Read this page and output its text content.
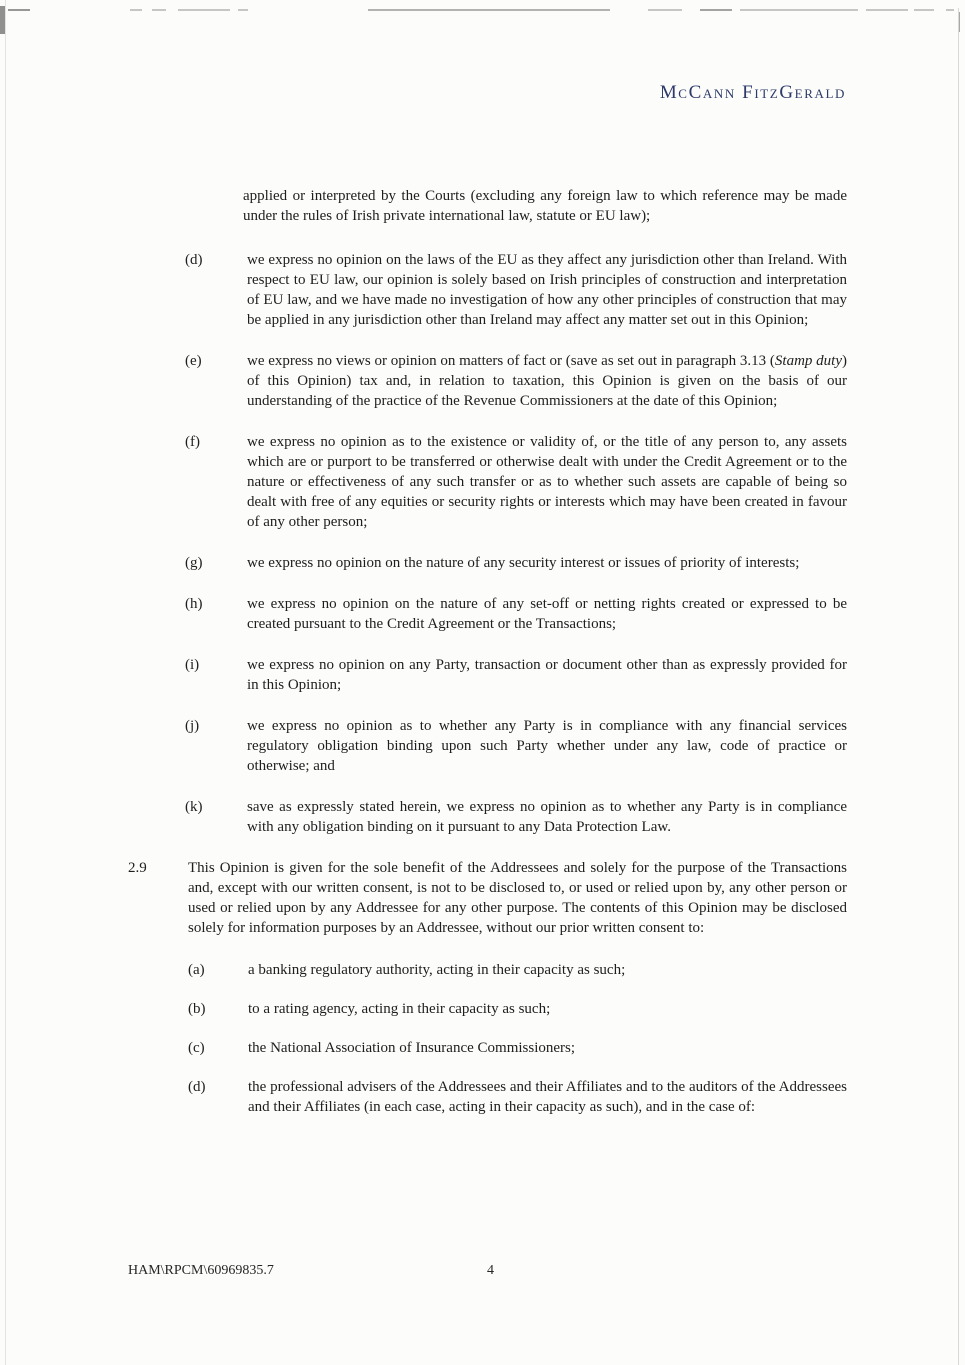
McCann FitzGerald

applied or interpreted by the Courts (excluding any foreign law to which reference may be made under the rules of Irish private international law, statute or EU law);

(d)	we express no opinion on the laws of the EU as they affect any jurisdiction other than Ireland. With respect to EU law, our opinion is solely based on Irish principles of construction and interpretation of EU law, and we have made no investigation of how any other principles of construction that may be applied in any jurisdiction other than Ireland may affect any matter set out in this Opinion;
(e)	we express no views or opinion on matters of fact or (save as set out in paragraph 3.13 (Stamp duty) of this Opinion) tax and, in relation to taxation, this Opinion is given on the basis of our understanding of the practice of the Revenue Commissioners at the date of this Opinion;
(f)	we express no opinion as to the existence or validity of, or the title of any person to, any assets which are or purport to be transferred or otherwise dealt with under the Credit Agreement or to the nature or effectiveness of any such transfer or as to whether such assets are capable of being so dealt with free of any equities or security rights or interests which may have been created in favour of any other person;
(g)	we express no opinion on the nature of any security interest or issues of priority of interests;
(h)	we express no opinion on the nature of any set-off or netting rights created or expressed to be created pursuant to the Credit Agreement or the Transactions;
(i)	we express no opinion on any Party, transaction or document other than as expressly provided for in this Opinion;
(j)	we express no opinion as to whether any Party is in compliance with any financial services regulatory obligation binding upon such Party whether under any law, code of practice or otherwise; and
(k)	save as expressly stated herein, we express no opinion as to whether any Party is in compliance with any obligation binding on it pursuant to any Data Protection Law.
2.9	This Opinion is given for the sole benefit of the Addressees and solely for the purpose of the Transactions and, except with our written consent, is not to be disclosed to, or used or relied upon by, any other person or used or relied upon by any Addressee for any other purpose. The contents of this Opinion may be disclosed solely for information purposes by an Addressee, without our prior written consent to:
(a)	a banking regulatory authority, acting in their capacity as such;
(b)	to a rating agency, acting in their capacity as such;
(c)	the National Association of Insurance Commissioners;
(d)	the professional advisers of the Addressees and their Affiliates and to the auditors of the Addressees and their Affiliates (in each case, acting in their capacity as such), and in the case of:
HAM\RPCM\60969835.7	4
